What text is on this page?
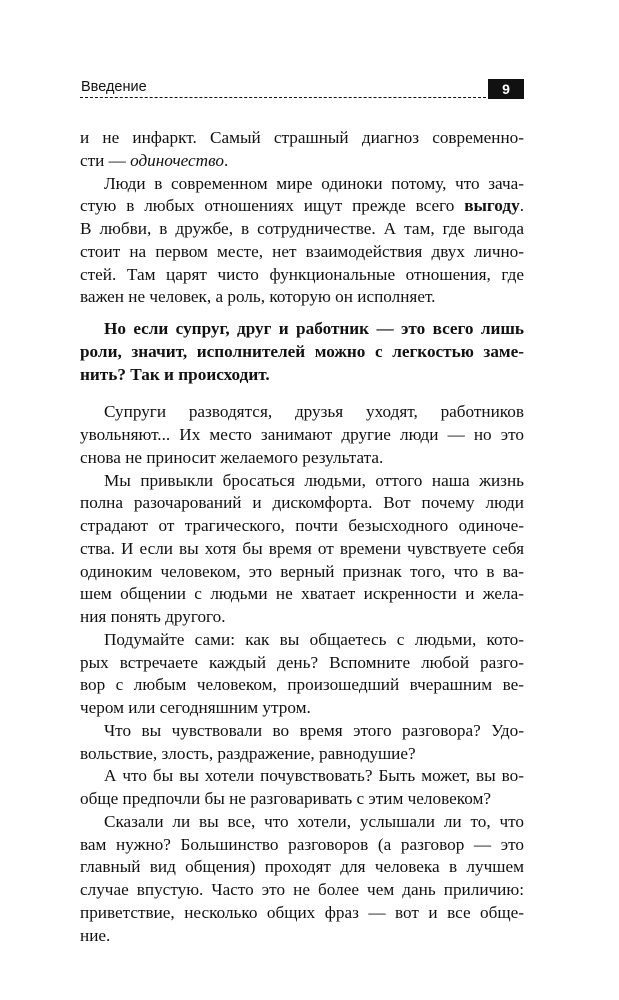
Введение	9
и не инфаркт. Самый страшный диагноз современно-
сти — одиночество.
Люди в современном мире одиноки потому, что зача-
стую в любых отношениях ищут прежде всего выгоду.
В любви, в дружбе, в сотрудничестве. А там, где выгода
стоит на первом месте, нет взаимодействия двух лично-
стей. Там царят чисто функциональные отношения, где
важен не человек, а роль, которую он исполняет.
Но если супруг, друг и работник — это всего лишь
роли, значит, исполнителей можно с легкостью заме-
нить? Так и происходит.
Супруги разводятся, друзья уходят, работников
увольняют... Их место занимают другие люди — но это
снова не приносит желаемого результата.
Мы привыкли бросаться людьми, оттого наша жизнь
полна разочарований и дискомфорта. Вот почему люди
страдают от трагического, почти безысходного одиноче-
ства. И если вы хотя бы время от времени чувствуете себя
одиноким человеком, это верный признак того, что в ва-
шем общении с людьми не хватает искренности и жела-
ния понять другого.
Подумайте сами: как вы общаетесь с людьми, кото-
рых встречаете каждый день? Вспомните любой разго-
вор с любым человеком, произошедший вчерашним ве-
чером или сегодняшним утром.
Что вы чувствовали во время этого разговора? Удо-
вольствие, злость, раздражение, равнодушие?
А что бы вы хотели почувствовать? Быть может, вы во-
обще предпочли бы не разговаривать с этим человеком?
Сказали ли вы все, что хотели, услышали ли то, что
вам нужно? Большинство разговоров (а разговор — это
главный вид общения) проходят для человека в лучшем
случае впустую. Часто это не более чем дань приличию:
приветствие, несколько общих фраз — вот и все обще-
ние.
